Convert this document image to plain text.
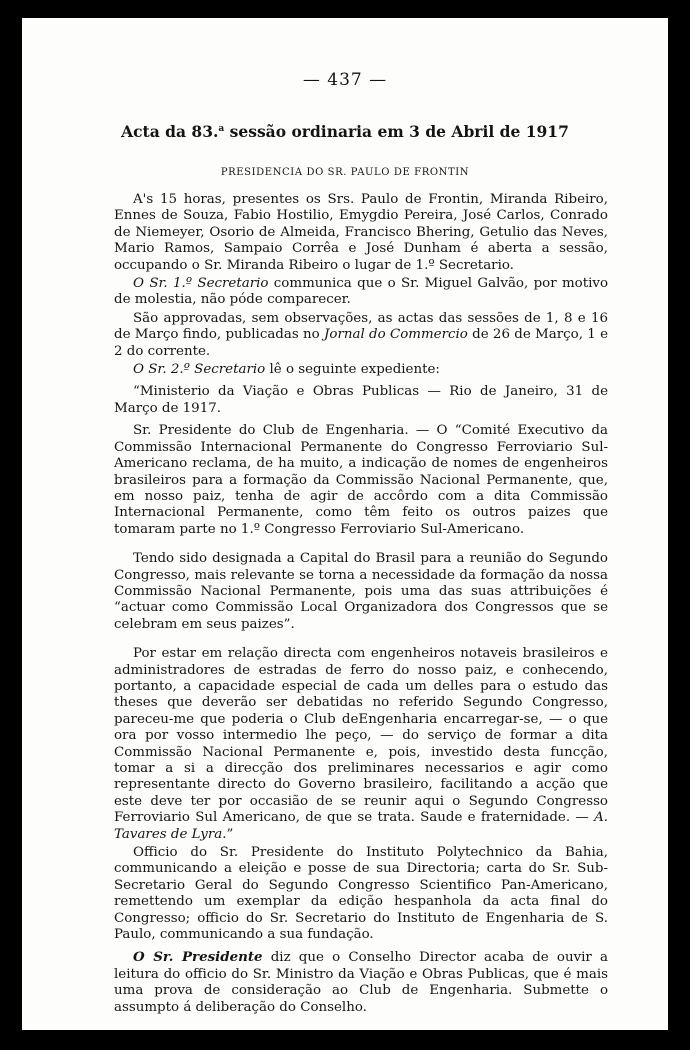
— 437 —
Acta da 83.$^a$ sessão ordinaria em 3 de Abril de 1917
PRESIDENCIA DO SR. PAULO DE FRONTIN

A's 15 horas, presentes os Srs. Paulo de Frontin, Miranda Ribeiro, Ennes de Souza, Fabio Hostilio, Emygdio Pereira, José Carlos, Conrado de Niemeyer, Osorio de Almeida, Francisco Bhering, Getulio das Neves, Mario Ramos, Sampaio Corrêa e José Dunham é aberta a sessão, occupando o Sr. Miranda Ribeiro o lugar de 1.º Secretario.

O Sr. 1.º Secretario communica que o Sr. Miguel Galvão, por motivo de molestia, não póde comparecer.

São approvadas, sem observações, as actas das sessões de 1, 8 e 16 de Março findo, publicadas no Jornal do Commercio de 26 de Março, 1 e 2 do corrente.

O Sr. 2.º Secretario lê o seguinte expediente:

“Ministerio da Viação e Obras Publicas — Rio de Janeiro, 31 de Março de 1917.

Sr. Presidente do Club de Engenharia. — O “Comité Executivo da Commissão Internacional Permanente do Congresso Ferroviario Sul-Americano reclama, de ha muito, a indicação de nomes de engenheiros brasileiros para a formação da Commissão Nacional Permanente, que, em nosso paiz, tenha de agir de accôrdo com a dita Commissão Internacional Permanente, como têm feito os outros paizes que tomaram parte no 1.º Congresso Ferroviario Sul-Americano.

Tendo sido designada a Capital do Brasil para a reunião do Segundo Congresso, mais relevante se torna a necessidade da formação da nossa Commissão Nacional Permanente, pois uma das suas attribuições é “actuar como Commissão Local Organizadora dos Congressos que se celebram em seus paizes”.

Por estar em relação directa com engenheiros notaveis brasileiros e administradores de estradas de ferro do nosso paiz, e conhecendo, portanto, a capacidade especial de cada um delles para o estudo das theses que deverão ser debatidas no referido Segundo Congresso, pareceu-me que poderia o Club deEngenharia encarregar-se, — o que ora por vosso intermedio lhe peço, — do serviço de formar a dita Commissão Nacional Permanente e, pois, investido desta funcção, tomar a si a direcção dos preliminares necessarios e agir como representante directo do Governo brasileiro, facilitando a acção que este deve ter por occasião de se reunir aqui o Segundo Congresso Ferroviario Sul Americano, de que se trata. Saude e fraternidade. — A. Tavares de Lyra.”

Officio do Sr. Presidente do Instituto Polytechnico da Bahia, communicando a eleição e posse de sua Directoria; carta do Sr. Sub-Secretario Geral do Segundo Congresso Scientifico Pan-Americano, remettendo um exemplar da edição hespanhola da acta final do Congresso; officio do Sr. Secretario do Instituto de Engenharia de S. Paulo, communicando a sua fundação.

O Sr. Presidente diz que o Conselho Director acaba de ouvir a leitura do officio do Sr. Ministro da Viação e Obras Publicas, que é mais uma prova de consideração ao Club de Engenharia. Submette o assumpto á deliberação do Conselho.
